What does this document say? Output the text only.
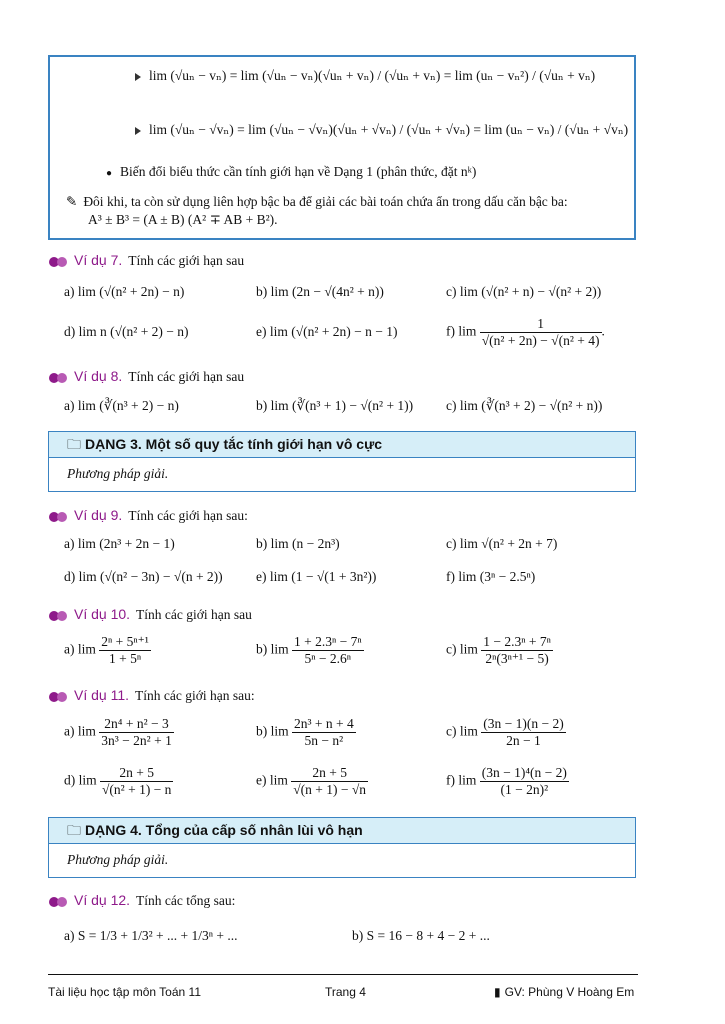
lim (√uₙ − vₙ) = lim (√uₙ − vₙ)(√uₙ + vₙ) / (√uₙ + vₙ) = lim (uₙ − vₙ²) / (√uₙ + vₙ)
lim (√uₙ − √vₙ) = lim (√uₙ − √vₙ)(√uₙ + √vₙ) / (√uₙ + √vₙ) = lim (uₙ − vₙ) / (√uₙ + √vₙ)
● Biến đổi biểu thức cần tính giới hạn về Dạng 1 (phân thức, đặt nᵏ)
✎ Đôi khi, ta còn sử dụng liên hợp bậc ba để giải các bài toán chứa ẩn trong dấu căn bậc ba:
A³ ± B³ = (A ± B) (A² ∓ AB + B²).
Ví dụ 7. Tính các giới hạn sau
a) lim (√(n² + 2n) − n)	b) lim (2n − √(4n² + n))	c) lim (√(n² + n) − √(n² + 2))
d) lim n (√(n² + 2) − n)	e) lim (√(n² + 2n) − n − 1)	f) $\lim \frac{1}{\text{√(n² + 2n) − √(n² + 4)}}$ .
Ví dụ 8. Tính các giới hạn sau
a) lim (∛(n³ + 2) − n)	b) lim (∛(n³ + 1) − √(n² + 1)) c) lim (∛(n³ + 2) − √(n² + n))
🗀 DẠNG 3. Một số quy tắc tính giới hạn vô cực
Phương pháp giải.
Ví dụ 9. Tính các giới hạn sau:
a) lim (2n³ + 2n − 1)	b) lim (n − 2n³)	c) lim √(n² + 2n + 7)
d) lim (√(n² − 3n) − √(n + 2)) e) lim (1 − √(1 + 3n²))	f) lim (3ⁿ − 2.5ⁿ)
Ví dụ 10. Tính các giới hạn sau
a) $\lim \frac{\text{2ⁿ + 5ⁿ⁺¹}}{\text{1 + 5ⁿ}}$	b) $\lim \frac{\text{1 + 2.3ⁿ − 7ⁿ}}{\text{5ⁿ − 2.6ⁿ}}$	c) $\lim \frac{\text{1 − 2.3ⁿ + 7ⁿ}}{\text{2ⁿ(3ⁿ⁺¹ − 5)}}$
Ví dụ 11. Tính các giới hạn sau:
a) $\lim \frac{\text{2n⁴ + n² − 3}}{\text{3n³ − 2n² + 1}}$	b) $\lim \frac{\text{2n³ + n + 4}}{\text{5n − n²}}$	c) $\lim \frac{(3n - 1)(n - 2)}{2n - 1}$
d) $\lim \frac{2n + 5}{\text{√(n² + 1) − n}}$	e) $\lim \frac{2n + 5}{√(n + 1) - √n}$	f) $\lim \frac{\text{(3n − 1)⁴(n − 2)}}{\text{(1 − 2n)²}}$
🗀 DẠNG 4. Tổng của cấp số nhân lùi vô hạn
Phương pháp giải.
Ví dụ 12. Tính các tổng sau:
a) S = 1/3 + 1/3² + ... + 1/3ⁿ + ...	b) S = 16 − 8 + 4 − 2 + ...
Tài liệu học tập môn Toán 11	Trang 4	▮ GV: Phùng V Hoàng Em
